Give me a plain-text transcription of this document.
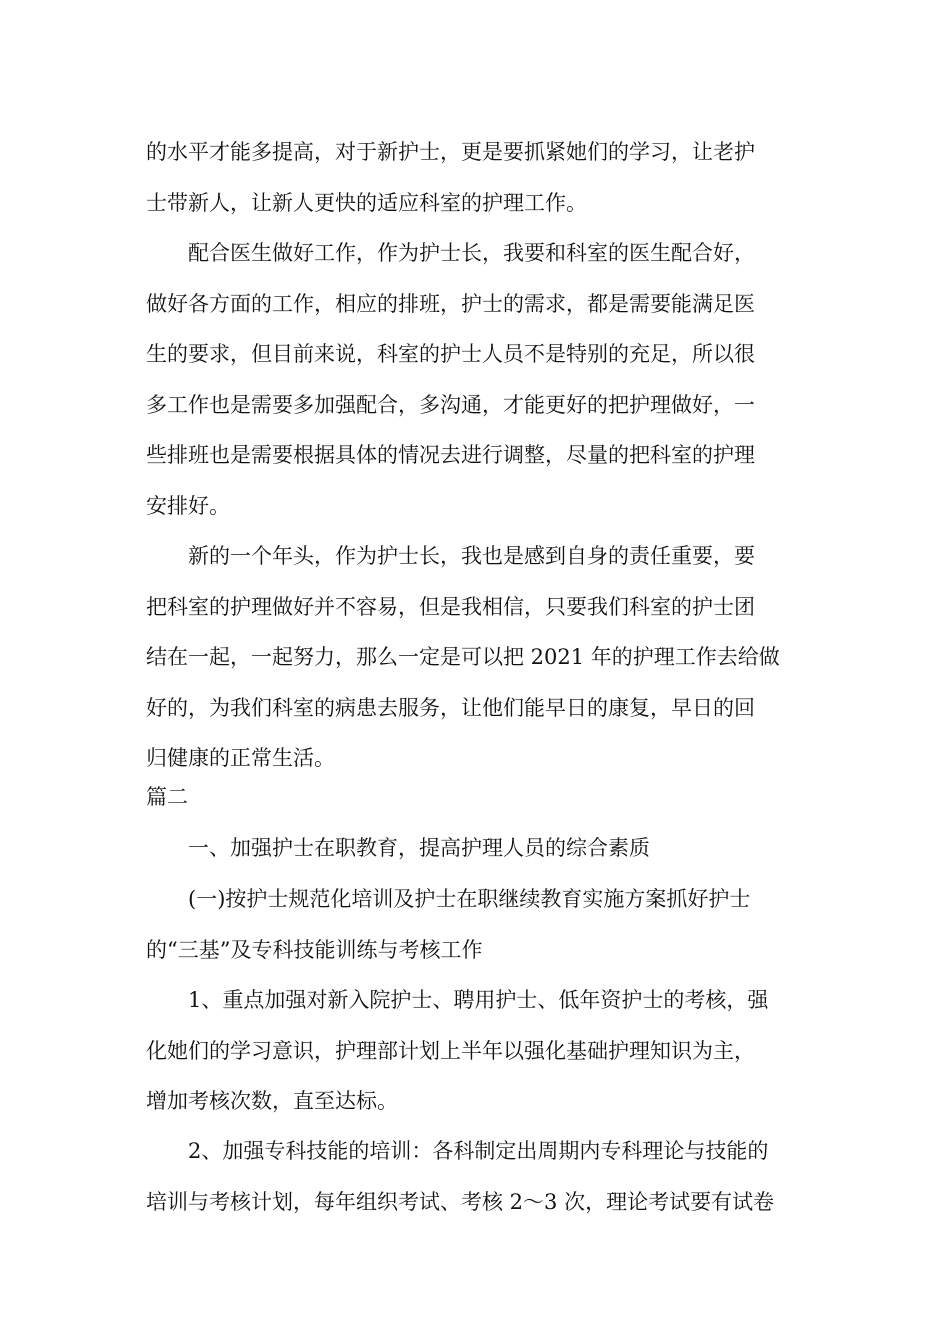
的水平才能多提高，对于新护士，更是要抓紧她们的学习，让老护
士带新人，让新人更快的适应科室的护理工作。
配合医生做好工作，作为护士长，我要和科室的医生配合好，
做好各方面的工作，相应的排班，护士的需求，都是需要能满足医
生的要求，但目前来说，科室的护士人员不是特别的充足，所以很
多工作也是需要多加强配合，多沟通，才能更好的把护理做好，一
些排班也是需要根据具体的情况去进行调整，尽量的把科室的护理
安排好。
新的一个年头，作为护士长，我也是感到自身的责任重要，要
把科室的护理做好并不容易，但是我相信，只要我们科室的护士团
结在一起，一起努力，那么一定是可以把 2021 年的护理工作去给做
好的，为我们科室的病患去服务，让他们能早日的康复，早日的回
归健康的正常生活。
篇二
一、加强护士在职教育，提高护理人员的综合素质
(一)按护士规范化培训及护士在职继续教育实施方案抓好护士
的“三基”及专科技能训练与考核工作
1、重点加强对新入院护士、聘用护士、低年资护士的考核，强
化她们的学习意识，护理部计划上半年以强化基础护理知识为主，
增加考核次数，直至达标。
2、加强专科技能的培训：各科制定出周期内专科理论与技能的
培训与考核计划，每年组织考试、考核 2～3 次，理论考试要有试卷
